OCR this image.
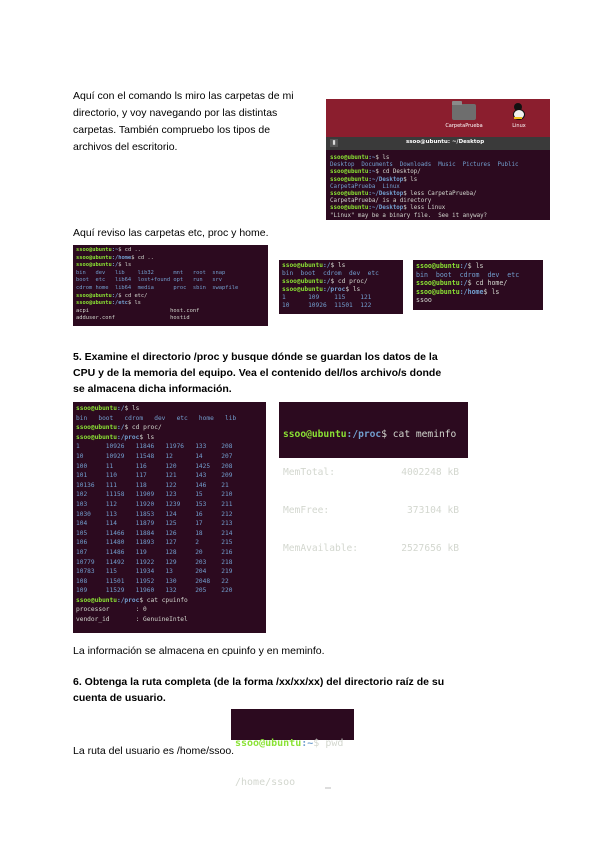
Aquí con el comando ls miro las carpetas de mi
directorio, y voy navegando por las distintas
carpetas. También compruebo los tipos de
archivos del escritorio.
CarpetaPrueba	Linux
▮	ssoo@ubuntu: ~/Desktop
ssoo@ubuntu:~$ ls
Desktop  Documents  Downloads  Music  Pictures  Public
ssoo@ubuntu:~$ cd Desktop/
ssoo@ubuntu:~/Desktop$ ls
CarpetaPrueba  Linux
ssoo@ubuntu:~/Desktop$ less CarpetaPrueba/
CarpetaPrueba/ is a directory
ssoo@ubuntu:~/Desktop$ less Linux
"Linux" may be a binary file.  See it anyway?
Aquí reviso las carpetas etc, proc y home.
ssoo@ubuntu:~$ cd ..
ssoo@ubuntu:/home$ cd ..
ssoo@ubuntu:/$ ls
bin   dev   lib    lib32      mnt   root  snap
boot  etc   lib64  lost+found opt   run   srv
cdrom home  lib64  media      proc  sbin  swapfile
ssoo@ubuntu:/$ cd etc/
ssoo@ubuntu:/etc$ ls
acpi                         host.conf
adduser.conf                 hostid
ssoo@ubuntu:/$ ls
bin  boot  cdrom  dev  etc
ssoo@ubuntu:/$ cd proc/
ssoo@ubuntu:/proc$ ls
1      109    115    121
10     10926  11501  122
ssoo@ubuntu:/$ ls
bin  boot  cdrom  dev  etc
ssoo@ubuntu:/$ cd home/
ssoo@ubuntu:/home$ ls
ssoo
5. Examine el directorio /proc y busque dónde se guardan los datos de la
CPU y de la memoria del equipo. Vea el contenido del/los archivo/s donde
se almacena dicha información.
ssoo@ubuntu:/$ ls
bin   boot   cdrom   dev   etc   home   lib
ssoo@ubuntu:/$ cd proc/
ssoo@ubuntu:/proc$ ls
1       10926   11846   11976   133    208
10      10929   11548   12      14     207
100     11      116     120     1425   208
101     110     117     121     143    209
10136   111     118     122     146    21
102     11158   11909   123     15     210
103     112     11920   1239    153    211
1030    113     11853   124     16     212
104     114     11879   125     17     213
105     11466   11884   126     18     214
106     11480   11893   127     2      215
107     11486   119     128     20     216
10779   11492   11922   129     203    218
10783   115     11934   13      204    219
108     11501   11952   130     2048   22
109     11529   11960   132     205    220
ssoo@ubuntu:/proc$ cat cpuinfo
processor       : 0
vendor_id       : GenuineIntel

ssoo@ubuntu:/proc$ cat meminfo

MemTotal:	4002248 kB

MemFree:	373104 kB

MemAvailable:	2527656 kB

La información se almacena en cpuinfo y en meminfo.
6. Obtenga la ruta completa (de la forma /xx/xx/xx) del directorio raíz de su
cuenta de usuario.

ssoo@ubuntu:~$ pwd

/home/ssoo

La ruta del usuario es /home/ssoo.
